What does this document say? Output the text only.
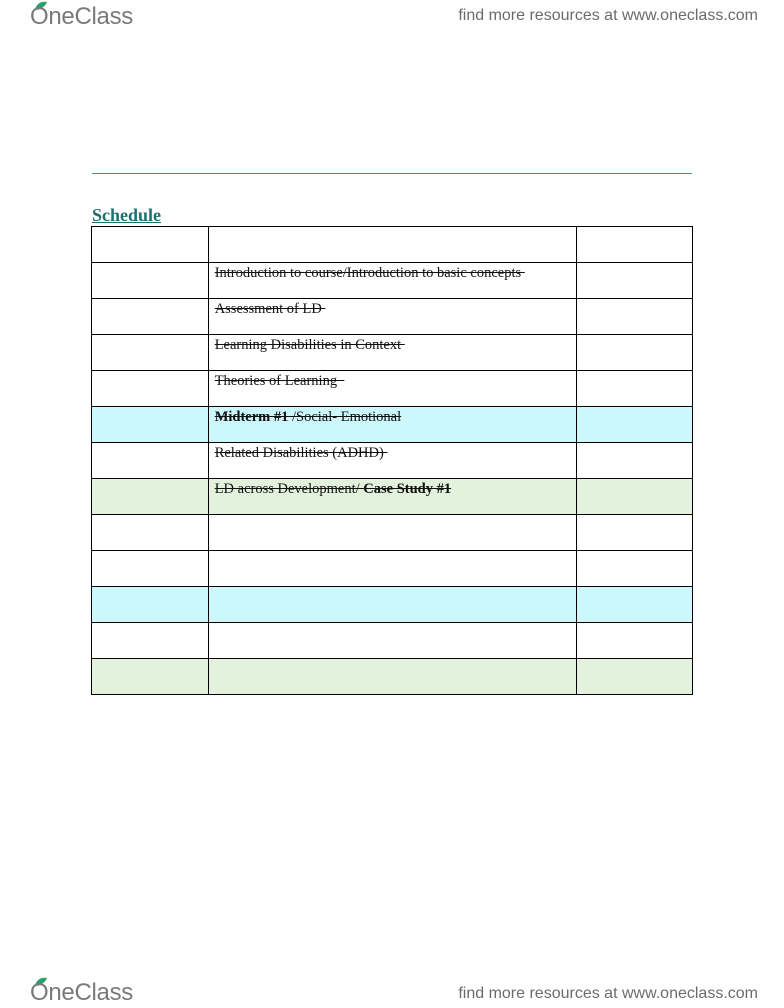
OneClass	find more resources at www.oneclass.com
Schedule

	Introduction to course/Introduction to basic concepts	
	Assessment of LD	
	Learning Disabilities in Context	
	Theories of Learning	
	Midterm #1 /Social- Emotional	
	Related Disabilities (ADHD)	
	LD across Development/ Case Study #1	

OneClass	find more resources at www.oneclass.com
